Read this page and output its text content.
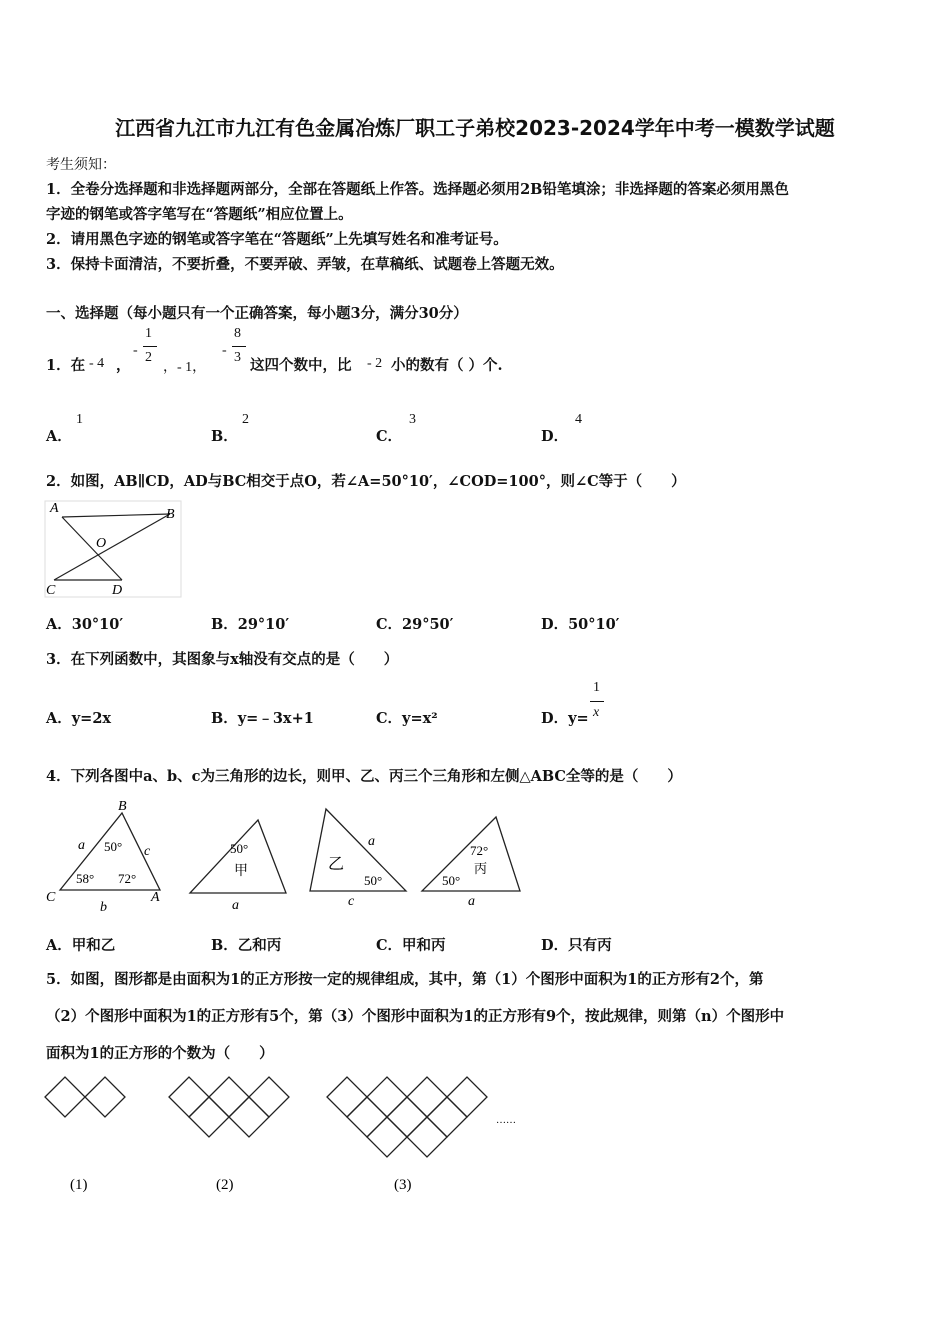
江西省九江市九江有色金属冶炼厂职工子弟校2023-2024学年中考一模数学试题
考生须知：
1．全卷分选择题和非选择题两部分，全部在答题纸上作答。选择题必须用2B铅笔填涂；非选择题的答案必须用黑色
字迹的钢笔或答字笔写在“答题纸”相应位置上。
2．请用黑色字迹的钢笔或答字笔在“答题纸”上先填写姓名和准考证号。
3．保持卡面清洁，不要折叠，不要弄破、弄皱，在草稿纸、试题卷上答题无效。
一、选择题（每小题只有一个正确答案，每小题3分，满分30分）
1．在 - 4 ，
-
1
2
，- 1，
-
8
3 这四个数中，比 - 2 小的数有（ ）个.
A．
1
B．
2
C．
3
D．
4
2．如图，AB∥CD，AD与BC相交于点O，若∠A=50°10′，∠COD=100°，则∠C等于（　　）
A	B
O
C	D
A．30°10′	B．29°10′	C．29°50′	D．50°10′
3．在下列函数中，其图象与x轴没有交点的是（　　）
A．y=2x	B．y=﹣3x+1	C．y=x²	D．y=
1
x
4．下列各图中a、b、c为三角形的边长，则甲、乙、丙三个三角形和左侧△ABC全等的是（　　）
B
C	A
a	c
b
50°
58° 72°
50°
甲
a
乙
50°
a
c
72°
丙
50°
a
A．甲和乙	B．乙和丙	C．甲和丙	D．只有丙
5．如图，图形都是由面积为1的正方形按一定的规律组成，其中，第（1）个图形中面积为1的正方形有2个，第
（2）个图形中面积为1的正方形有5个，第（3）个图形中面积为1的正方形有9个，按此规律，则第（n）个图形中
面积为1的正方形的个数为（　　）
……
(1)	(2)	(3)
